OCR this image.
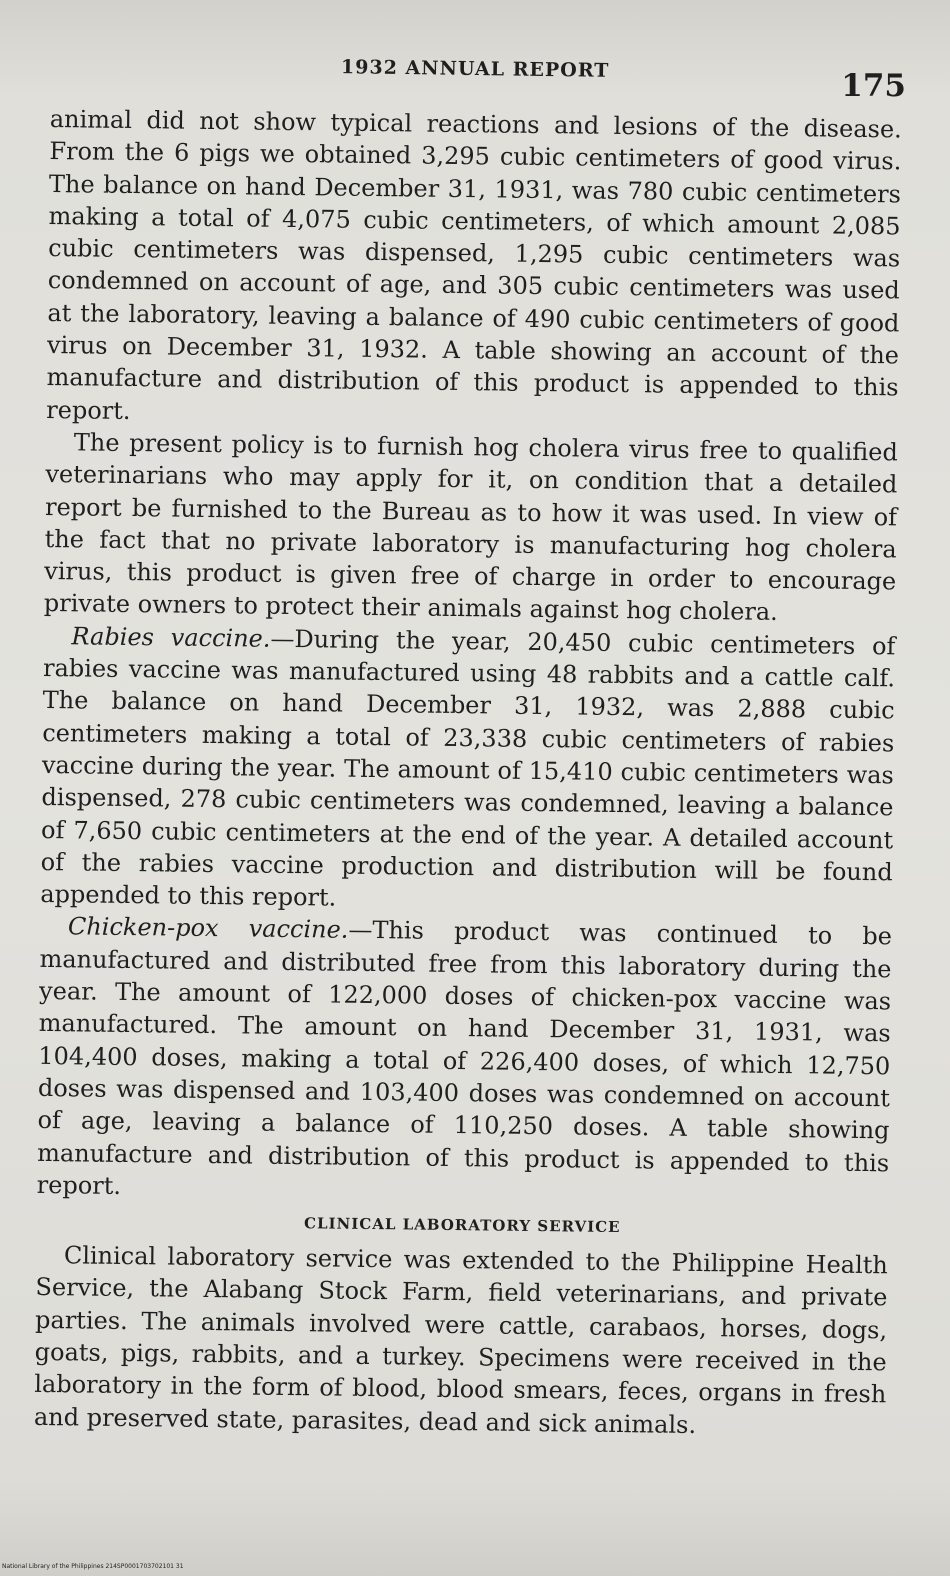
1932 ANNUAL REPORT	175

animal did not show typical reactions and lesions of the disease. From the 6 pigs we obtained 3,295 cubic centimeters of good virus. The balance on hand December 31, 1931, was 780 cubic centimeters making a total of 4,075 cubic centimeters, of which amount 2,085 cubic centimeters was dispensed, 1,295 cubic centimeters was condemned on account of age, and 305 cubic centimeters was used at the laboratory, leaving a balance of 490 cubic centimeters of good virus on December 31, 1932. A table showing an account of the manufacture and distribution of this product is appended to this report.

The present policy is to furnish hog cholera virus free to qualified veterinarians who may apply for it, on condition that a detailed report be furnished to the Bureau as to how it was used. In view of the fact that no private laboratory is manufacturing hog cholera virus, this product is given free of charge in order to encourage private owners to protect their animals against hog cholera.

Rabies vaccine.—During the year, 20,450 cubic centimeters of rabies vaccine was manufactured using 48 rabbits and a cattle calf. The balance on hand December 31, 1932, was 2,888 cubic centimeters making a total of 23,338 cubic centimeters of rabies vaccine during the year. The amount of 15,410 cubic centimeters was dispensed, 278 cubic centimeters was condemned, leaving a balance of 7,650 cubic centimeters at the end of the year. A detailed account of the rabies vaccine production and distribution will be found appended to this report.

Chicken-pox vaccine.—This product was continued to be manufactured and distributed free from this laboratory during the year. The amount of 122,000 doses of chicken-pox vaccine was manufactured. The amount on hand December 31, 1931, was 104,400 doses, making a total of 226,400 doses, of which 12,750 doses was dispensed and 103,400 doses was condemned on account of age, leaving a balance of 110,250 doses. A table showing manufacture and distribution of this product is appended to this report.

CLINICAL LABORATORY SERVICE

Clinical laboratory service was extended to the Philippine Health Service, the Alabang Stock Farm, field veterinarians, and private parties. The animals involved were cattle, carabaos, horses, dogs, goats, pigs, rabbits, and a turkey. Specimens were received in the laboratory in the form of blood, blood smears, feces, organs in fresh and preserved state, parasites, dead and sick animals.

National Library of the Philippines 214SP0001703702101 31
